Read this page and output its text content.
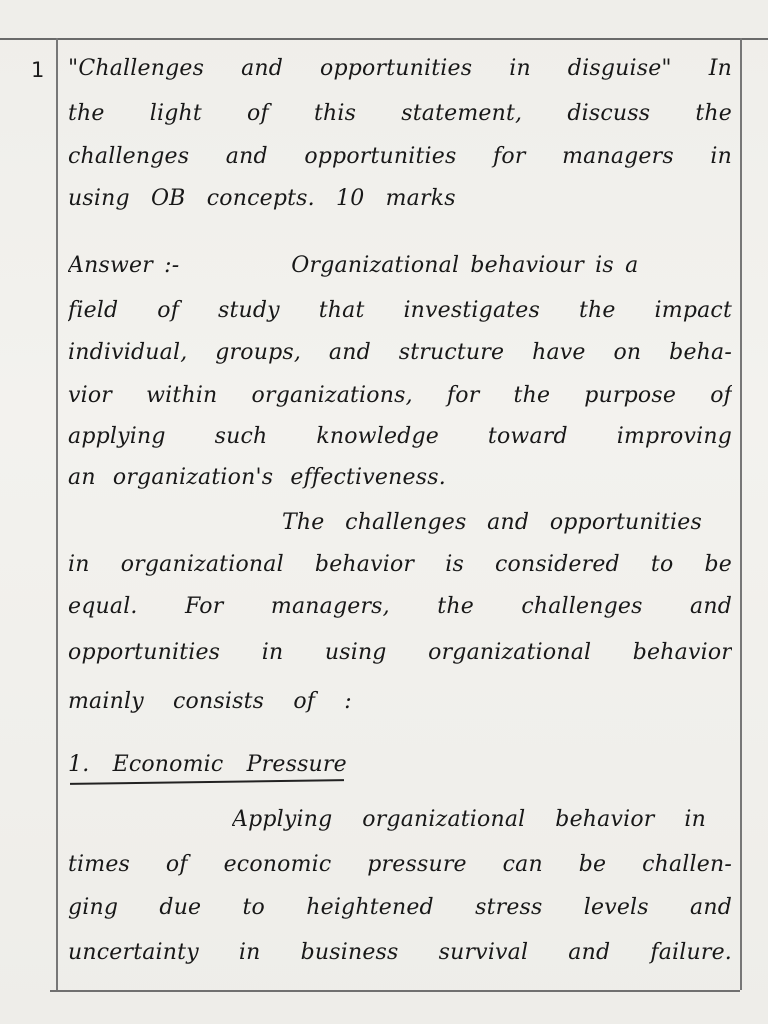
1 "Challenges and opportunities in disguise" In
the light of this statement, discuss the
challenges and opportunities for managers in
using OB concepts. 10 marks
Answer :-          Organizational behaviour is a
field of study that investigates the impact
individual, groups, and structure have on beha-
vior within organizations, for the purpose of
applying such knowledge toward improving
an organization's effectiveness.
The challenges and opportunities
in organizational behavior is considered to be
equal. For managers, the challenges and
opportunities in using organizational behavior
mainly consists of :
1. Economic Pressure
Applying organizational behavior in
times of economic pressure can be challen-
ging due to heightened stress levels and
uncertainty in business survival and failure.
